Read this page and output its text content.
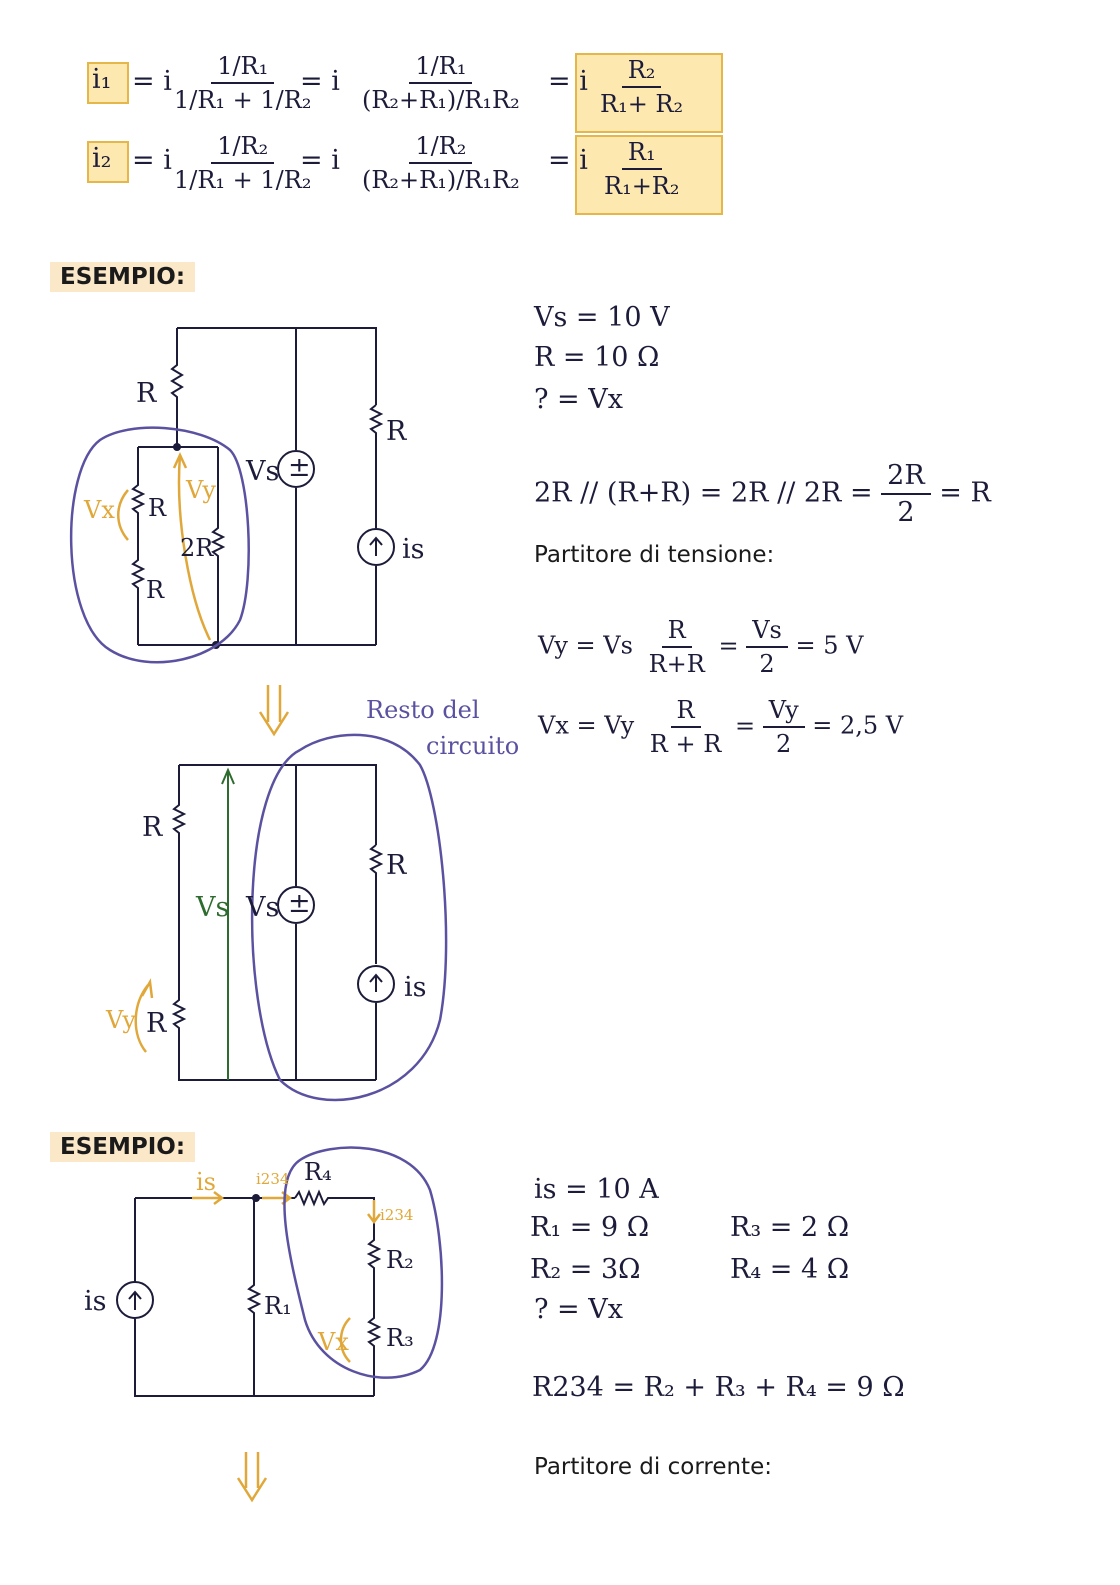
i₁ = i $\frac{\text{1/R₁}}{\text{1/R₁ + 1/R₂}}$
= i $\frac{\text{1/R₁}}{\text{(R₂+R₁)/R₁R₂}} = i \frac{\text{R₂}}{\text{R₁+ R₂}}$
i₂ = i $\frac{\text{1/R₂}}{\text{1/R₁ + 1/R₂}}$
= i $\frac{\text{1/R₂}}{\text{(R₂+R₁)/R₁R₂}} = i \frac{\text{R₁}}{\text{R₁+R₂}}$
ESEMPIO:
R
R
R
R
2R
Vs ±
is
Vx
Vy
Vs = 10 V
R = 10 Ω
? = Vx
$2R // (R+R) = 2R // 2R = \frac{2R}{2} = R$
Partitore di tensione:
Vy = Vs $\frac{R}{R+R} = \frac{Vs}{2} = 5$ V
Vx = Vy $\frac{R}{R + R} = \frac{Vy}{2} = 2,5$ V
Resto del
circuito
R
R
R
Vs Vs ±
is
Vy
ESEMPIO:
is
is	i234
i234
R₄
R₁
R₂
R₃
Vx
is = 10 A
R₁ = 9 Ω
R₂ = 3Ω
? = Vx
R₃ = 2 Ω
R₄ = 4 Ω
R234 = R₂ + R₃ + R₄ = 9 Ω
Partitore di corrente:
